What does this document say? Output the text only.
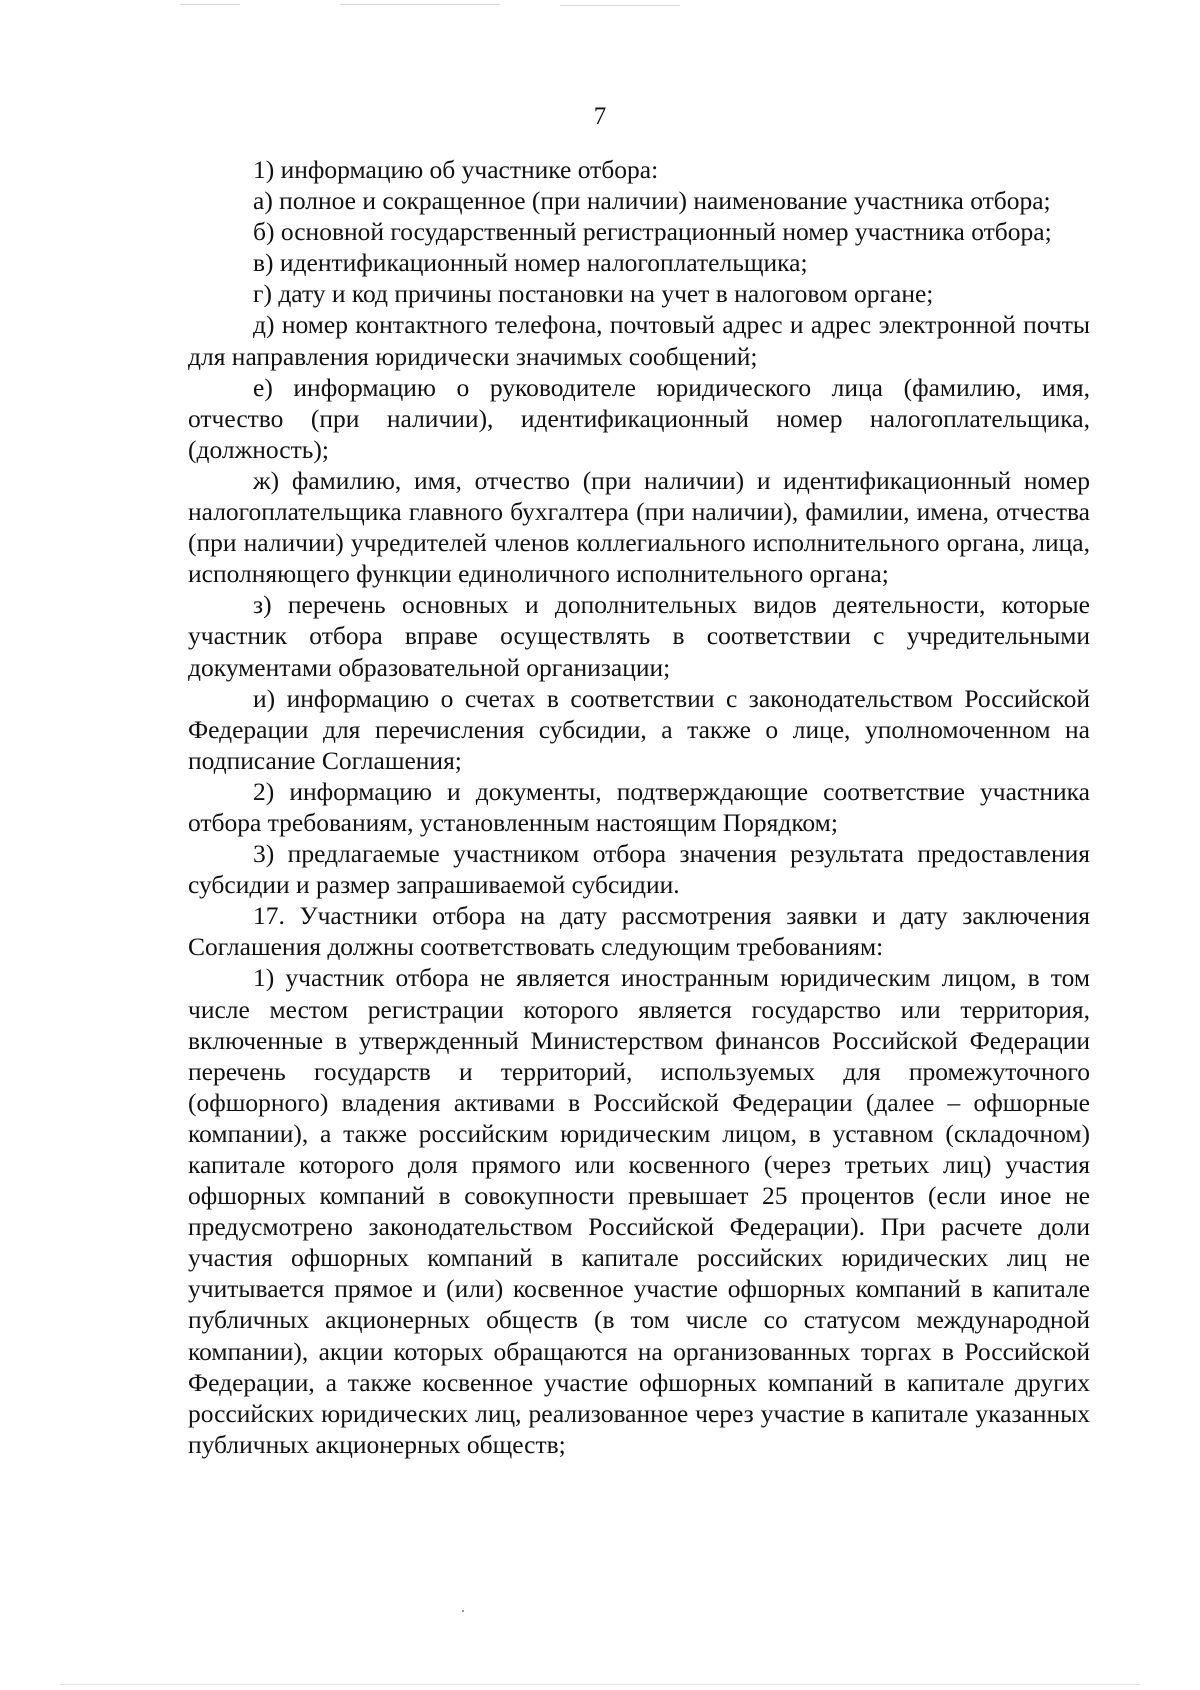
7

1) информацию об участнике отбора:

а) полное и сокращенное (при наличии) наименование участника отбора;

б) основной государственный регистрационный номер участника отбора;

в) идентификационный номер налогоплательщика;

г) дату и код причины постановки на учет в налоговом органе;

д) номер контактного телефона, почтовый адрес и адрес электронной почты для направления юридически значимых сообщений;

е) информацию о руководителе юридического лица (фамилию, имя, отчество (при наличии), идентификационный номер налогоплательщика, (должность);

ж) фамилию, имя, отчество (при наличии) и идентификационный номер налогоплательщика главного бухгалтера (при наличии), фамилии, имена, отчества (при наличии) учредителей членов коллегиального исполнительного органа, лица, исполняющего функции единоличного исполнительного органа;

з) перечень основных и дополнительных видов деятельности, которые участник отбора вправе осуществлять в соответствии с учредительными документами образовательной организации;

и) информацию о счетах в соответствии с законодательством Российской Федерации для перечисления субсидии, а также о лице, уполномоченном на подписание Соглашения;

2) информацию и документы, подтверждающие соответствие участника отбора требованиям, установленным настоящим Порядком;

3) предлагаемые участником отбора значения результата предоставления субсидии и размер запрашиваемой субсидии.

17. Участники отбора на дату рассмотрения заявки и дату заключения Соглашения должны соответствовать следующим требованиям:

1) участник отбора не является иностранным юридическим лицом, в том числе местом регистрации которого является государство или территория, включенные в утвержденный Министерством финансов Российской Федерации перечень государств и территорий, используемых для промежуточного (офшорного) владения активами в Российской Федерации (далее – офшорные компании), а также российским юридическим лицом, в уставном (складочном) капитале которого доля прямого или косвенного (через третьих лиц) участия офшорных компаний в совокупности превышает 25 процентов (если иное не предусмотрено законодательством Российской Федерации). При расчете доли участия офшорных компаний в капитале российских юридических лиц не учитывается прямое и (или) косвенное участие офшорных компаний в капитале публичных акционерных обществ (в том числе со статусом международной компании), акции которых обращаются на организованных торгах в Российской Федерации, а также косвенное участие офшорных компаний в капитале других российских юридических лиц, реализованное через участие в капитале указанных публичных акционерных обществ;
